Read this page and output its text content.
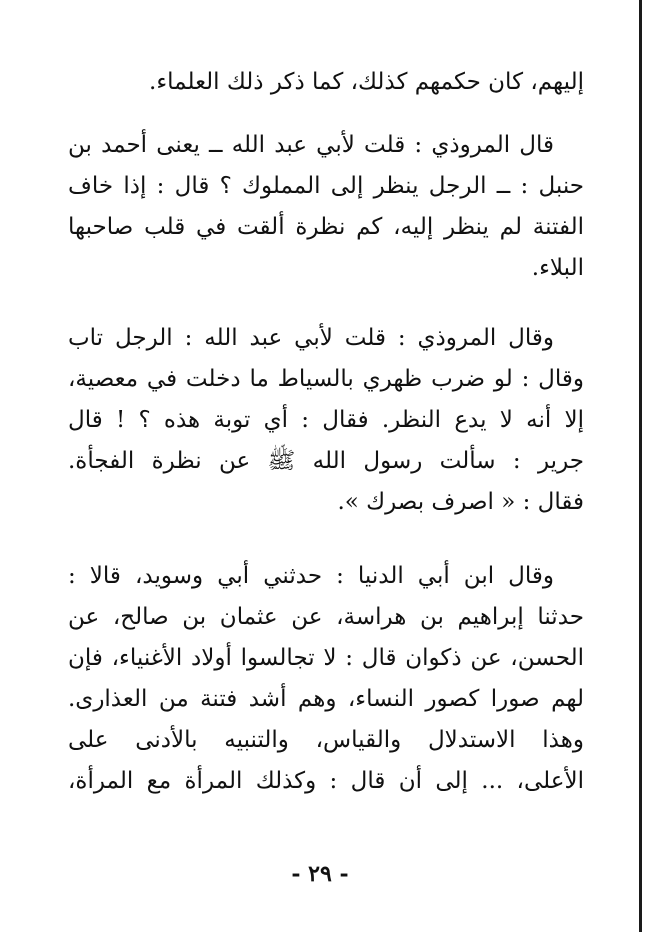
إليهم، كان حكمهم كذلك، كما ذكر ذلك العلماء.
قال المروذي : قلت لأبي عبد الله ــ يعنى أحمد بن
حنبل : ــ الرجل ينظر إلى المملوك ؟ قال : إذا خاف
الفتنة لم ينظر إليه، كم نظرة ألقت في قلب صاحبها
البلاء.
وقال المروذي : قلت لأبي عبد الله : الرجل تاب
وقال : لو ضرب ظهري بالسياط ما دخلت في معصية،
إلا أنه لا يدع النظر. فقال : أي توبة هذه ؟ ! قال
جرير : سألت رسول الله ﷺ عن نظرة الفجأة.
فقال : « اصرف بصرك ».
وقال ابن أبي الدنيا : حدثني أبي وسويد، قالا :
حدثنا إبراهيم بن هراسة، عن عثمان بن صالح، عن
الحسن، عن ذكوان قال : لا تجالسوا أولاد الأغنياء، فإن
لهم صورا كصور النساء، وهم أشد فتنة من العذارى.
وهذا الاستدلال والقياس، والتنبيه بالأدنى على
الأعلى، ... إلى أن قال : وكذلك المرأة مع المرأة،
- ٢٩ -
